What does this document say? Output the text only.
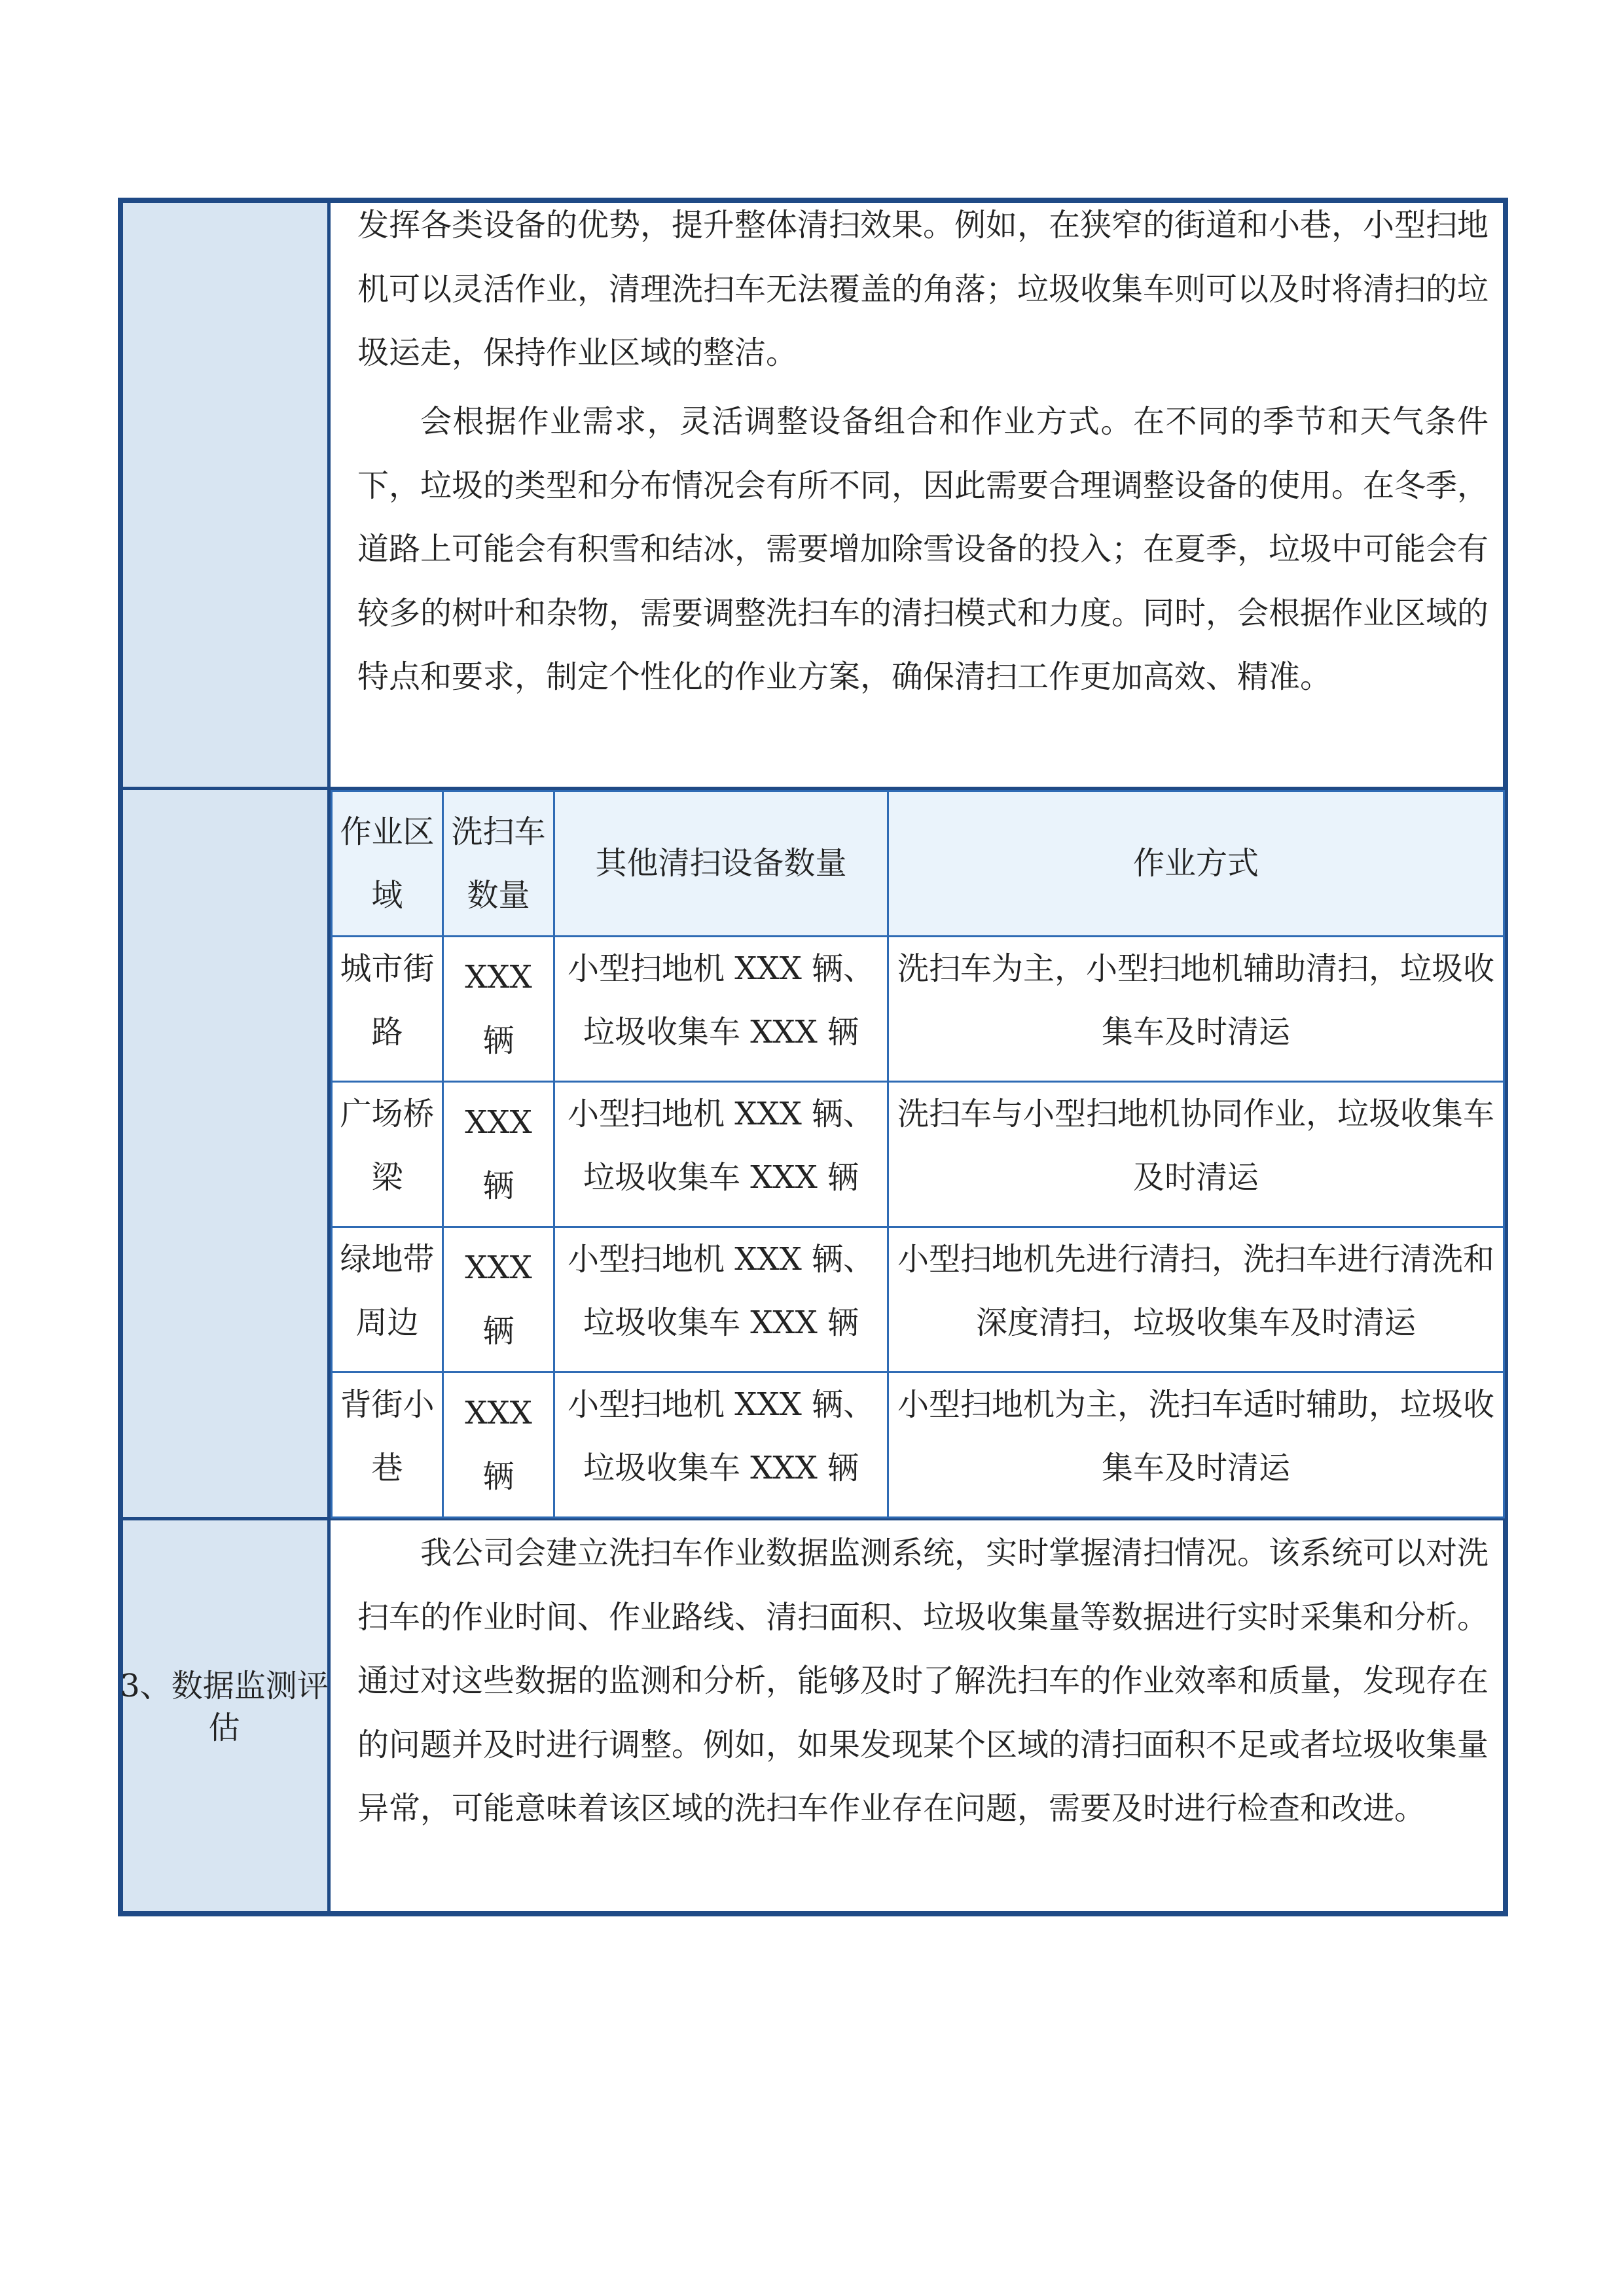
发挥各类设备的优势，提升整体清扫效果。例如，在狭窄的街道和小巷，小型扫地机可以灵活作业，清理洗扫车无法覆盖的角落；垃圾收集车则可以及时将清扫的垃圾运走，保持作业区域的整洁。

会根据作业需求，灵活调整设备组合和作业方式。在不同的季节和天气条件下，垃圾的类型和分布情况会有所不同，因此需要合理调整设备的使用。在冬季，道路上可能会有积雪和结冰，需要增加除雪设备的投入；在夏季，垃圾中可能会有较多的树叶和杂物，需要调整洗扫车的清扫模式和力度。同时，会根据作业区域的特点和要求，制定个性化的作业方案，确保清扫工作更加高效、精准。

作业区域	洗扫车数量	其他清扫设备数量	作业方式
城市街路	XXX 辆	小型扫地机 XXX 辆、垃圾收集车 XXX 辆	洗扫车为主，小型扫地机辅助清扫，垃圾收集车及时清运
广场桥梁	XXX 辆	小型扫地机 XXX 辆、垃圾收集车 XXX 辆	洗扫车与小型扫地机协同作业，垃圾收集车及时清运
绿地带周边	XXX 辆	小型扫地机 XXX 辆、垃圾收集车 XXX 辆	小型扫地机先进行清扫，洗扫车进行清洗和深度清扫，垃圾收集车及时清运
背街小巷	XXX 辆	小型扫地机 XXX 辆、垃圾收集车 XXX 辆	小型扫地机为主，洗扫车适时辅助，垃圾收集车及时清运
3、数据监测评估

我公司会建立洗扫车作业数据监测系统，实时掌握清扫情况。该系统可以对洗扫车的作业时间、作业路线、清扫面积、垃圾收集量等数据进行实时采集和分析。通过对这些数据的监测和分析，能够及时了解洗扫车的作业效率和质量，发现存在的问题并及时进行调整。例如，如果发现某个区域的清扫面积不足或者垃圾收集量异常，可能意味着该区域的洗扫车作业存在问题，需要及时进行检查和改进。
